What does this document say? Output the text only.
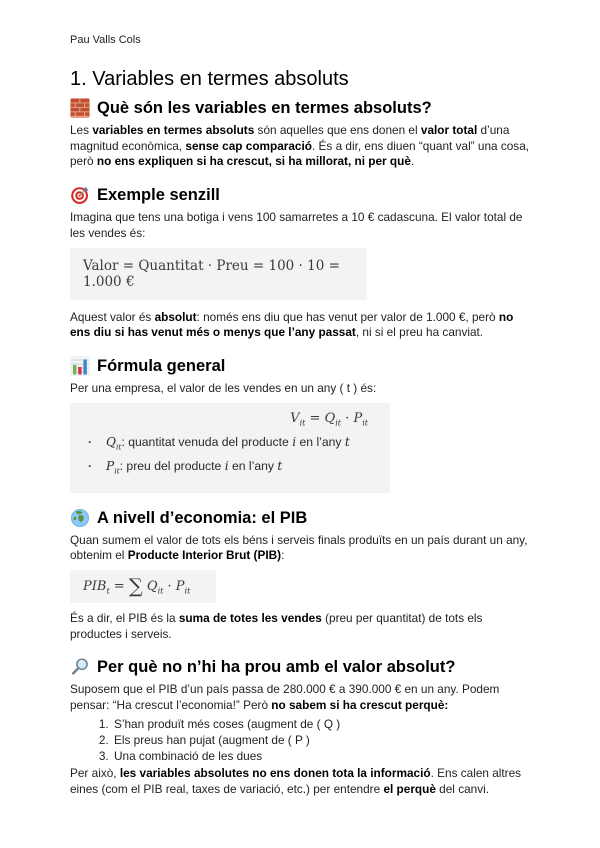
Pau Valls Cols

1. Variables en termes absoluts
Què són les variables en termes absoluts?

Les variables en termes absoluts són aquelles que ens donen el valor total d’una magnitud econòmica, sense cap comparació. És a dir, ens diuen “quant val” una cosa, però no ens expliquen si ha crescut, si ha millorat, ni per què.

Exemple senzill

Imagina que tens una botiga i vens 100 samarretes a 10 € cadascuna. El valor total de les vendes és:

Valor = Quantitat · Preu = 100 · 10 = 1.000 €

Aquest valor és absolut: només ens diu que has venut per valor de 1.000 €, però no ens diu si has venut més o menys que l’any passat, ni si el preu ha canviat.

Fórmula general

Per una empresa, el valor de les vendes en un any ( t ) és:

$V_{it} = Q_{it} \cdot P_{it}$
· $Q_{it}$: quantitat venuda del producte i en l’any t
· $P_{it}$: preu del producte i en l’any t
A nivell d’economia: el PIB

Quan sumem el valor de tots els béns i serveis finals produïts en un país durant un any, obtenim el Producte Interior Brut (PIB):

$PIB_t$ = ∑ $Q_{it} \cdot P_{it}$

És a dir, el PIB és la suma de totes les vendes (preu per quantitat) de tots els productes i serveis.

Per què no n’hi ha prou amb el valor absolut?

Suposem que el PIB d’un país passa de 280.000 € a 390.000 € en un any. Podem pensar: “Ha crescut l’economia!” Però no sabem si ha crescut perquè:

1. S’han produït més coses (augment de ( Q )
2. Els preus han pujat (augment de ( P )
3. Una combinació de les dues

Per això, les variables absolutes no ens donen tota la informació. Ens calen altres eines (com el PIB real, taxes de variació, etc.) per entendre el perquè del canvi.
